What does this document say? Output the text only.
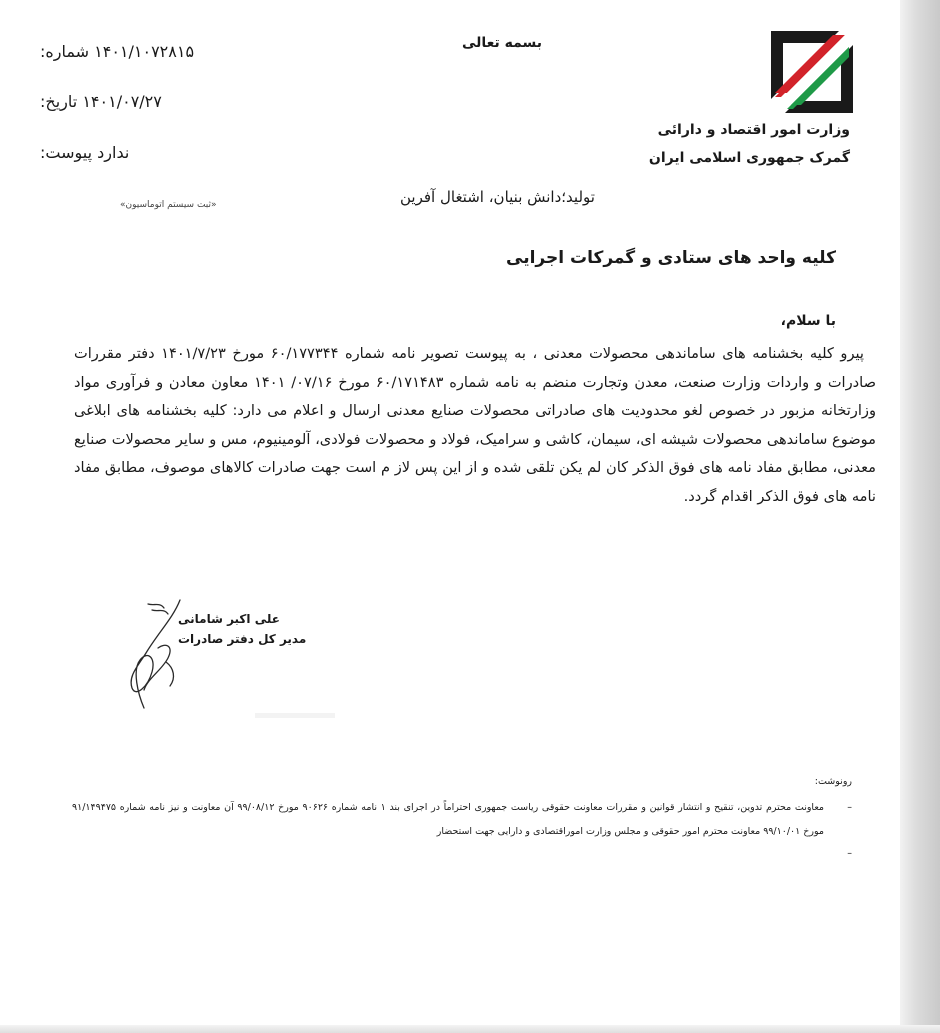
وزارت امور اقتصاد و دارائی
گمرک جمهوری اسلامی ایران
بسمه تعالی
شماره: ۱۴۰۱/۱۰۷۲۸۱۵
تاریخ: ۱۴۰۱/۰۷/۲۷
پیوست: ندارد
«ثبت سیستم اتوماسیون»	تولید؛دانش بنیان، اشتغال آفرین
کلیه واحد های ستادی و گمرکات اجرایی
با سلام،

پیرو کلیه بخشنامه های ساماندهی محصولات معدنی ، به پیوست تصویر نامه شماره ۶۰/۱۷۷۳۴۴ مورخ ۱۴۰۱/۷/۲۳ دفتر مقررات صادرات و واردات وزارت صنعت، معدن وتجارت منضم به نامه شماره ۶۰/۱۷۱۴۸۳ مورخ ۰۷/۱۶/ ۱۴۰۱ معاون معادن و فرآوری مواد وزارتخانه مزبور در خصوص لغو محدودیت های صادراتی محصولات صنایع معدنی ارسال و اعلام می دارد: کلیه بخشنامه های ابلاغی موضوع ساماندهی محصولات شیشه ای، سیمان، کاشی و سرامیک، فولاد و محصولات فولادی، آلومینیوم، مس و سایر محصولات صنایع معدنی، مطابق مفاد نامه های فوق الذکر کان لم یکن تلقی شده و از این پس لاز م است جهت صادرات کالاهای موصوف، مطابق مفاد نامه های فوق الذکر اقدام گردد.

علی اکبر شامانی
مدیر کل دفتر صادرات
رونوشت:
–
معاونت محترم تدوین، تنقیح و انتشار قوانین و مقررات معاونت حقوقی ریاست جمهوری احتراماً در اجرای بند ۱ نامه شماره ۹۰۶۲۶ مورخ ۹۹/۰۸/۱۲ آن معاونت و نیز نامه شماره ۹۱/۱۴۹۴۷۵ مورخ ۹۹/۱۰/۰۱ معاونت محترم امور حقوقی و مجلس وزارت اموراقتصادی و دارایی جهت استحضار
–
